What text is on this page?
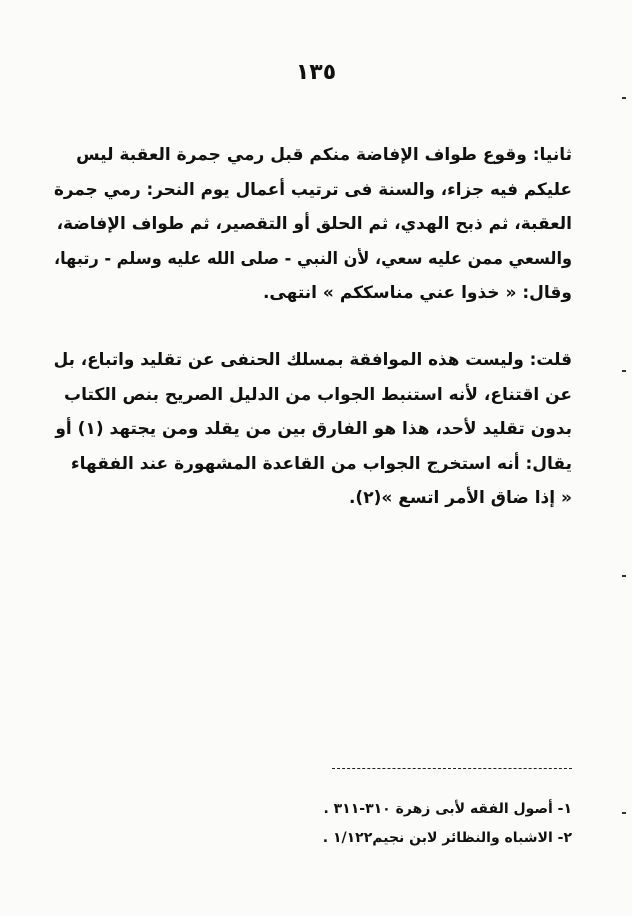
١٣٥
ثانيا: وقوع طواف الإفاضة منكم قبل رمي جمرة العقبة ليس
عليكم فيه جزاء، والسنة فى ترتيب أعمال يوم النحر: رمي جمرة
العقبة، ثم ذبح الهدي، ثم الحلق أو التقصير، ثم طواف الإفاضة،
والسعي ممن عليه سعي، لأن النبي - صلى الله عليه وسلم - رتبها،
وقال: « خذوا عني مناسككم » انتهى.
قلت: وليست هذه الموافقة بمسلك الحنفى عن تقليد واتباع، بل
عن اقتناع، لأنه استنبط الجواب من الدليل الصريح بنص الكتاب
بدون تقليد لأحد، هذا هو الفارق بين من يقلد ومن يجتهد (١) أو
يقال: أنه استخرج الجواب من القاعدة المشهورة عند الفقهاء
« إذا ضاق الأمر اتسع »(٢).
١- أصول الفقه لأبى زهرة ٣١٠-٣١١ .
٢- الاشباه والنظائر لابن نجيم١/١٢٢ .
